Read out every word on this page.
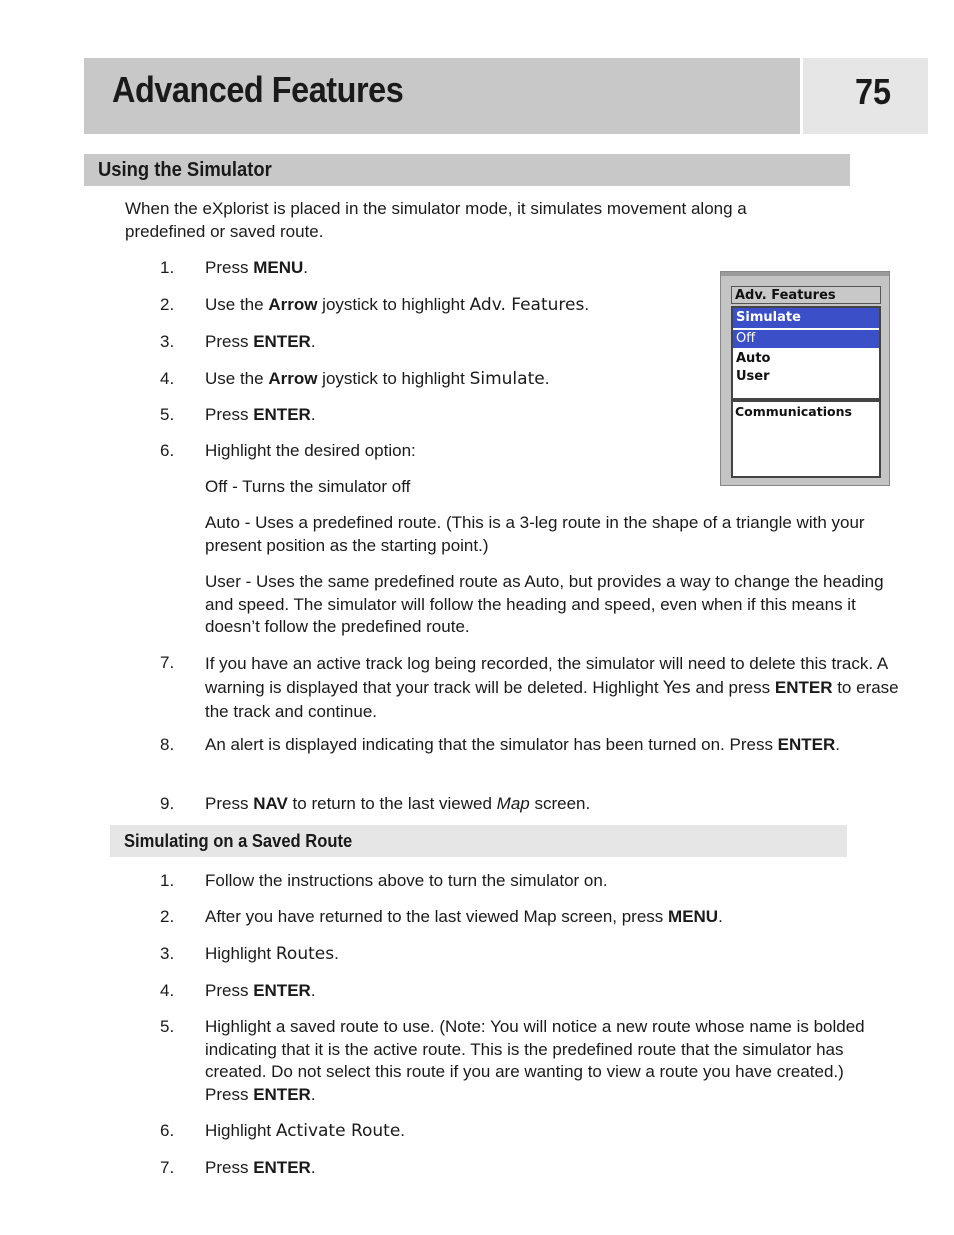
Advanced Features	75
Using the Simulator

When the eXplorist is placed in the simulator mode, it simulates movement along a predefined or saved route.

1.	Press MENU.

2.	Use the Arrow joystick to highlight Adv. Features.

3.	Press ENTER.

4.	Use the Arrow joystick to highlight Simulate.

5.	Press ENTER.

6.	Highlight the desired option:

Off - Turns the simulator off

Auto - Uses a predefined route. (This is a 3-leg route in the shape of a triangle with your present position as the starting point.)

User - Uses the same predefined route as Auto, but provides a way to change the heading and speed. The simulator will follow the heading and speed, even when if this means it doesn’t follow the predefined route.

7.	If you have an active track log being recorded, the simulator will need to delete this track. A warning is displayed that your track will be deleted. Highlight Yes and press ENTER to erase the track and continue.

8.	An alert is displayed indicating that the simulator has been turned on. Press ENTER.

9.	Press NAV to return to the last viewed Map screen.

Simulating on a Saved Route
1.	Follow the instructions above to turn the simulator on.

2.	After you have returned to the last viewed Map screen, press MENU.

3.	Highlight Routes.

4.	Press ENTER.

5.	Highlight a saved route to use. (Note: You will notice a new route whose name is bolded indicating that it is the active route. This is the predefined route that the simulator has created. Do not select this route if you are wanting to view a route you have created.) Press ENTER.

6.	Highlight Activate Route.

7.	Press ENTER.

Adv. Features
Simulate
Off
Auto
User
Communications
